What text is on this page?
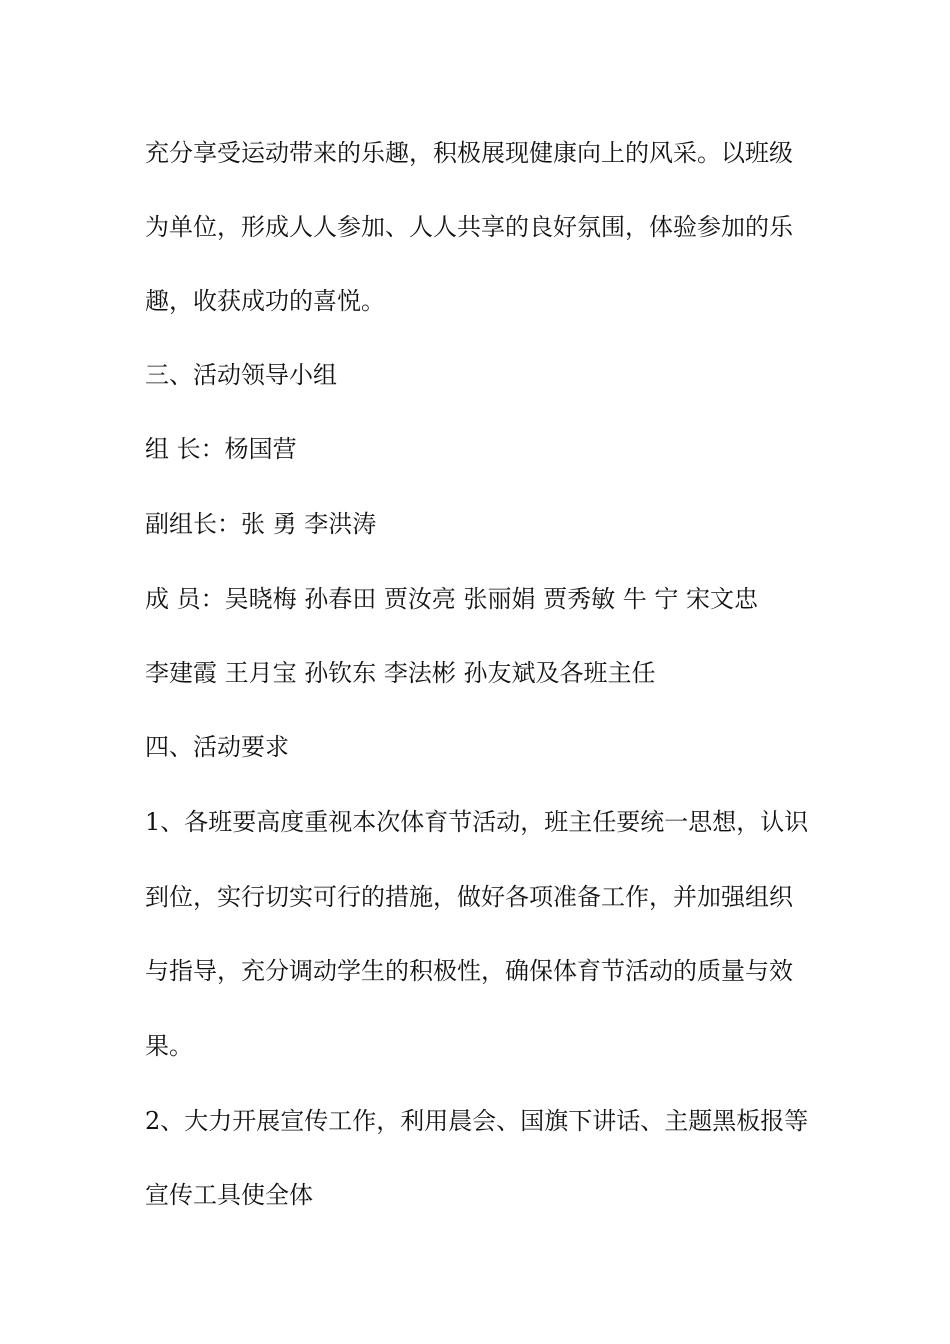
充分享受运动带来的乐趣，积极展现健康向上的风采。以班级
为单位，形成人人参加、人人共享的良好氛围，体验参加的乐
趣，收获成功的喜悦。
三、活动领导小组
组 长：杨国营
副组长：张 勇 李洪涛
成 员：吴晓梅 孙春田 贾汝亮 张丽娟 贾秀敏 牛 宁 宋文忠
李建霞 王月宝 孙钦东 李法彬 孙友斌及各班主任
四、活动要求
1、各班要高度重视本次体育节活动，班主任要统一思想，认识
到位，实行切实可行的措施，做好各项准备工作，并加强组织
与指导，充分调动学生的积极性，确保体育节活动的质量与效
果。
2、大力开展宣传工作，利用晨会、国旗下讲话、主题黑板报等
宣传工具使全体
